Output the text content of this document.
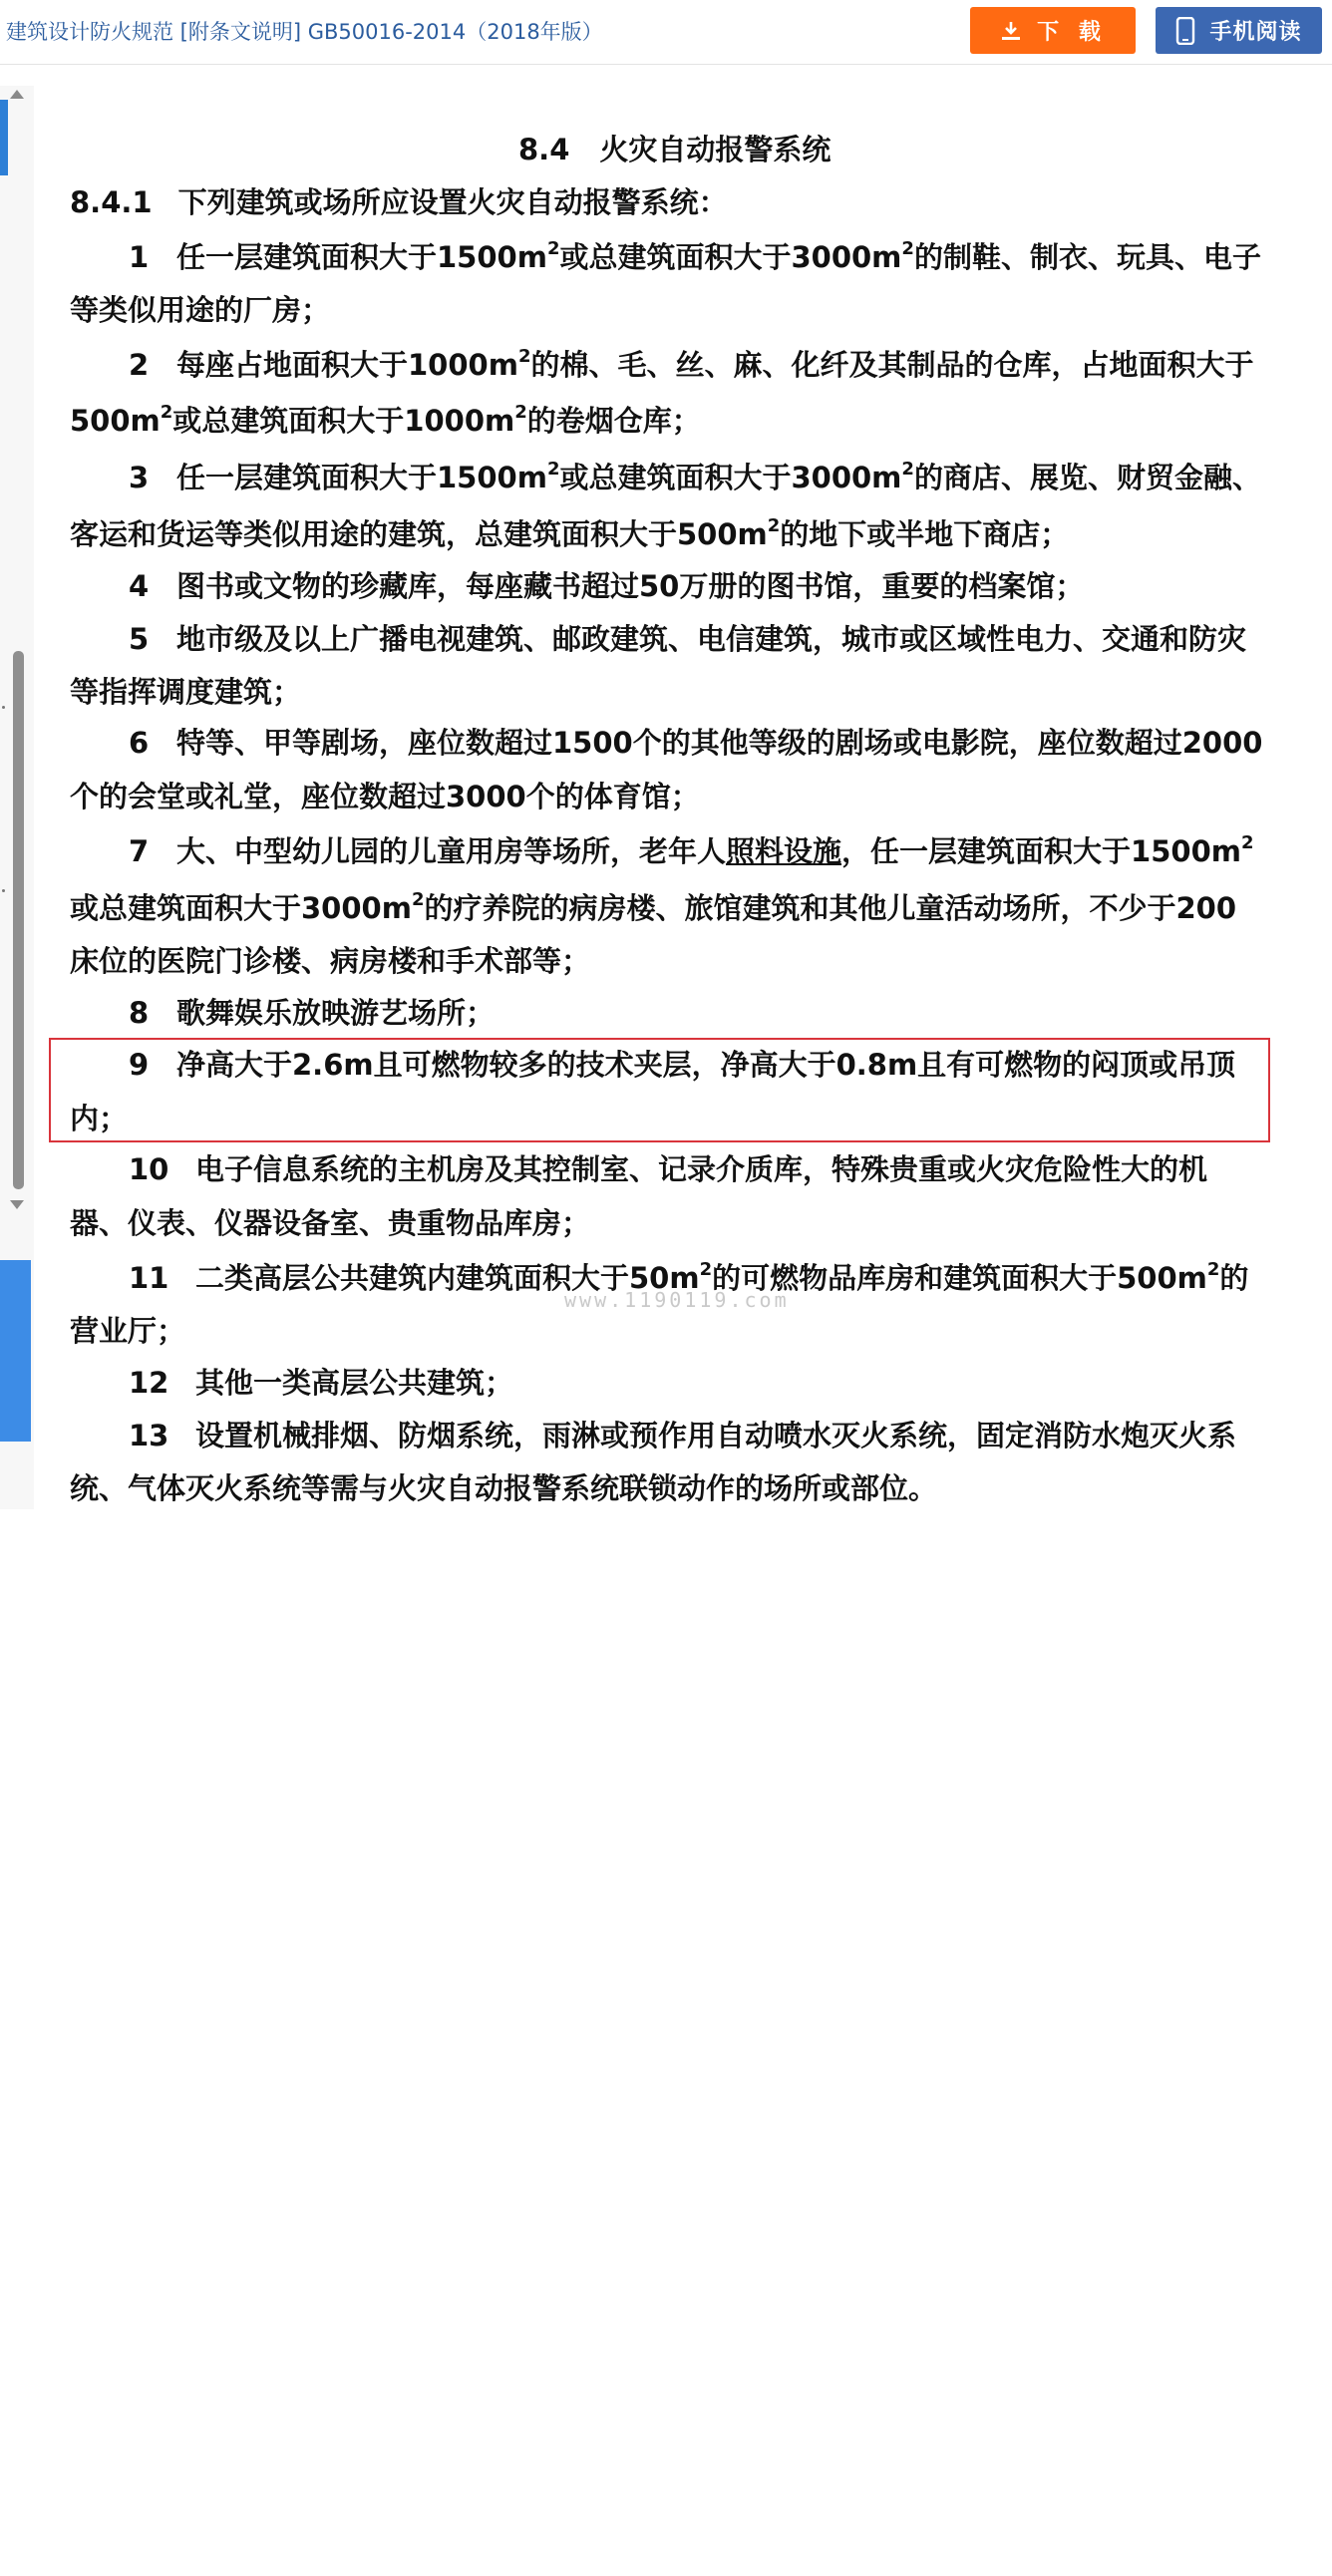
建筑设计防火规范 [附条文说明] GB50016-2014（2018年版）	下 载	手机阅读
8.4 火灾自动报警系统
8.4.1 下列建筑或场所应设置火灾自动报警系统：
1 任一层建筑面积大于$1500m^2$或总建筑面积大于$3000m^2$的制鞋、制衣、玩具、电子
等类似用途的厂房；
2 每座占地面积大于$1000m^2$的棉、毛、丝、麻、化纤及其制品的仓库，占地面积大于
$500m^2$或总建筑面积大于$1000m^2$的卷烟仓库；
3 任一层建筑面积大于$1500m^2$或总建筑面积大于$3000m^2$的商店、展览、财贸金融、
客运和货运等类似用途的建筑，总建筑面积大于$500m^2$的地下或半地下商店；
4 图书或文物的珍藏库，每座藏书超过50万册的图书馆，重要的档案馆；
5 地市级及以上广播电视建筑、邮政建筑、电信建筑，城市或区域性电力、交通和防灾
等指挥调度建筑；
6 特等、甲等剧场，座位数超过1500个的其他等级的剧场或电影院，座位数超过2000
个的会堂或礼堂，座位数超过3000个的体育馆；
7 大、中型幼儿园的儿童用房等场所，老年人照料设施，任一层建筑面积大于$1500m^2$
或总建筑面积大于$3000m^2$的疗养院的病房楼、旅馆建筑和其他儿童活动场所，不少于200
床位的医院门诊楼、病房楼和手术部等；
8 歌舞娱乐放映游艺场所；
9 净高大于2.6m且可燃物较多的技术夹层，净高大于0.8m且有可燃物的闷顶或吊顶
内；
10 电子信息系统的主机房及其控制室、记录介质库，特殊贵重或火灾危险性大的机
器、仪表、仪器设备室、贵重物品库房；
11 二类高层公共建筑内建筑面积大于$50m^2$的可燃物品库房和建筑面积大于$500m^2$的
营业厅；
12 其他一类高层公共建筑；
13 设置机械排烟、防烟系统，雨淋或预作用自动喷水灭火系统，固定消防水炮灭火系
统、气体灭火系统等需与火灾自动报警系统联锁动作的场所或部位。
www.1190119.com
